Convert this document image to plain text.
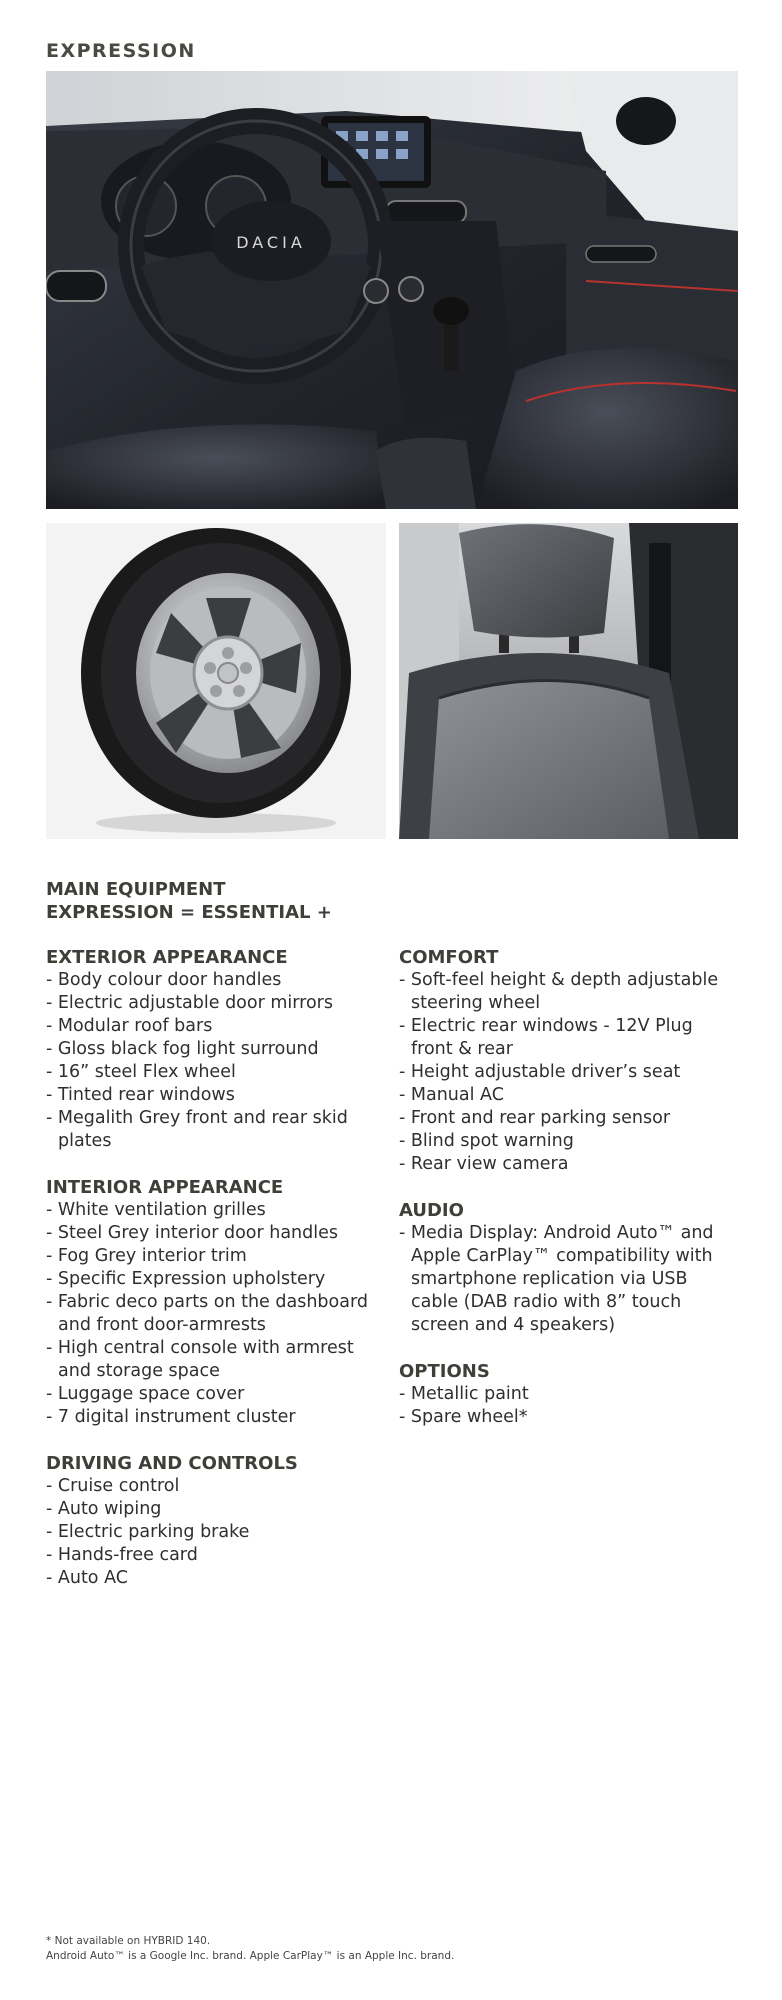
EXPRESSION
DACIA
MAIN EQUIPMENT
EXPRESSION = ESSENTIAL +
EXTERIOR APPEARANCE
- Body colour door handles
- Electric adjustable door mirrors
- Modular roof bars
- Gloss black fog light surround
- 16” steel Flex wheel
- Tinted rear windows
- Megalith Grey front and rear skid plates
INTERIOR APPEARANCE
- White ventilation grilles
- Steel Grey interior door handles
- Fog Grey interior trim
- Specific Expression upholstery
- Fabric deco parts on the dashboard and front door-armrests
- High central console with armrest and storage space
- Luggage space cover
- 7 digital instrument cluster
DRIVING AND CONTROLS
- Cruise control
- Auto wiping
- Electric parking brake
- Hands-free card
- Auto AC
COMFORT
- Soft-feel height & depth adjustable steering wheel
- Electric rear windows - 12V Plug front & rear
- Height adjustable driver’s seat
- Manual AC
- Front and rear parking sensor
- Blind spot warning
- Rear view camera
AUDIO
- Media Display: Android Auto™ and Apple CarPlay™ compatibility with smartphone replication via USB cable (DAB radio with 8” touch screen and 4 speakers)
OPTIONS
- Metallic paint
- Spare wheel*
* Not available on HYBRID 140.
Android Auto™ is a Google Inc. brand. Apple CarPlay™ is an Apple Inc. brand.
